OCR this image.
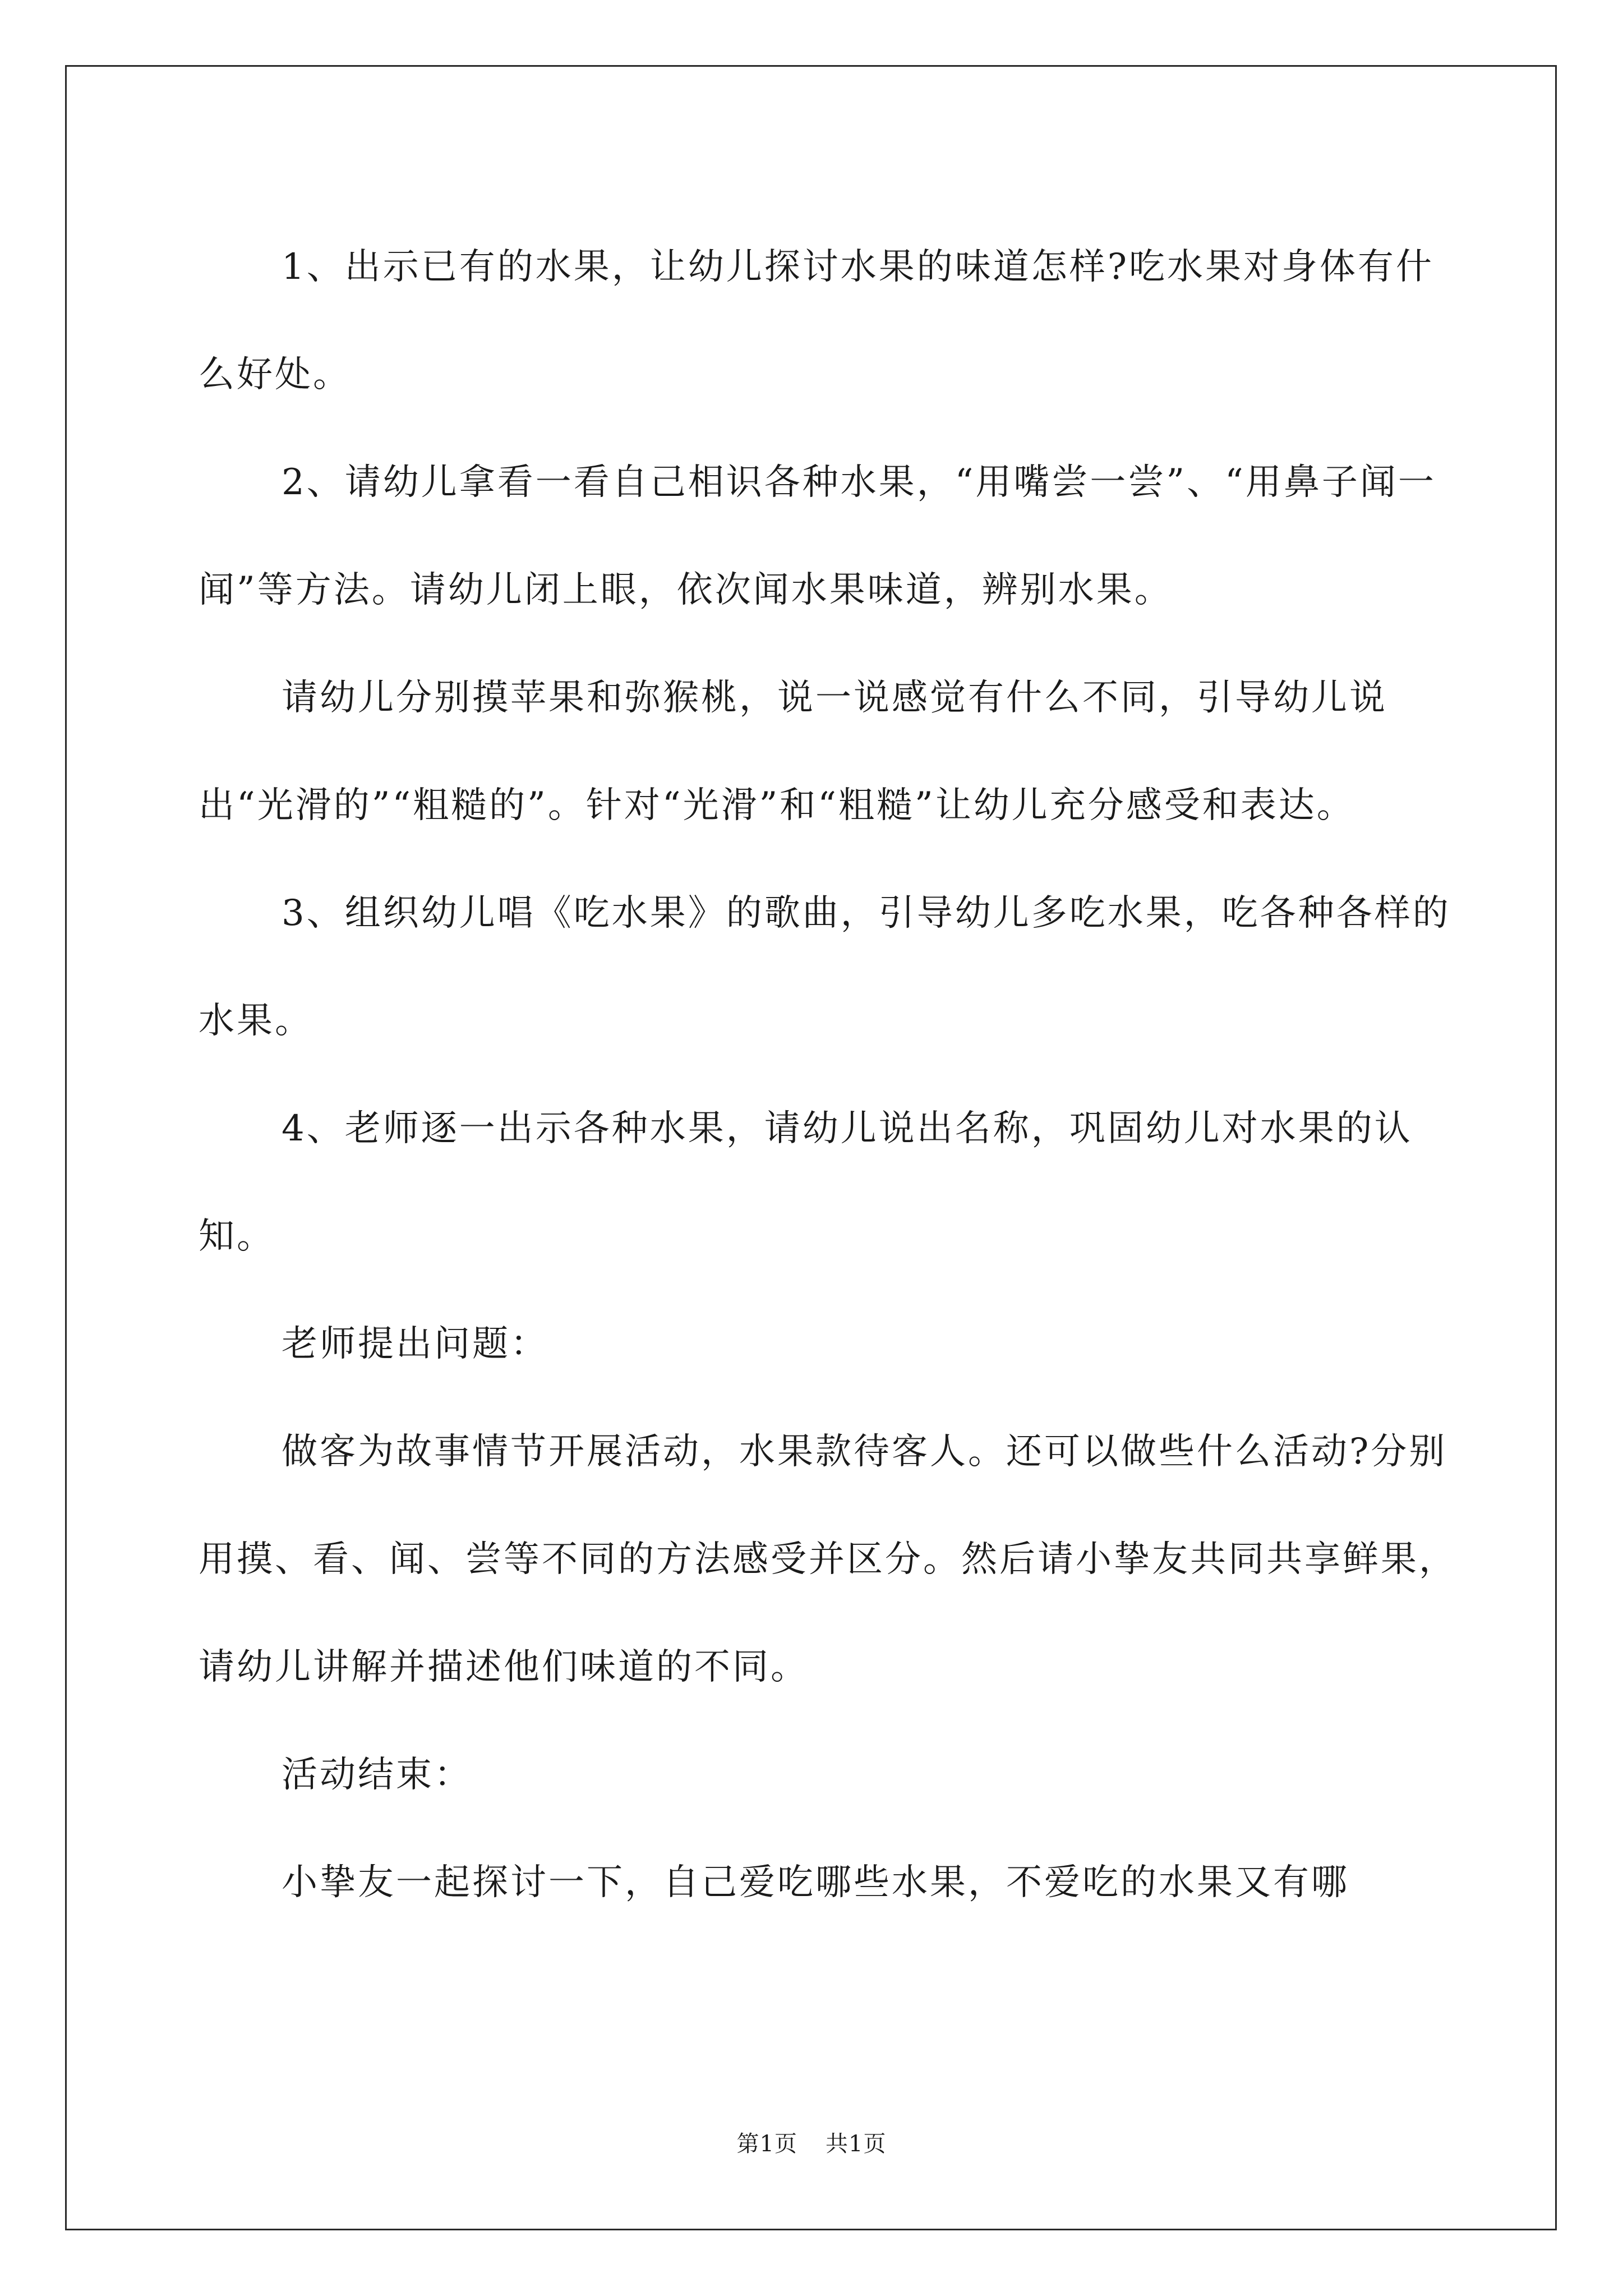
1、出示已有的水果，让幼儿探讨水果的味道怎样?吃水果对身体有什么好处。

2、请幼儿拿看一看自己相识各种水果，“用嘴尝一尝”、“用鼻子闻一闻”等方法。请幼儿闭上眼，依次闻水果味道，辨别水果。

请幼儿分别摸苹果和弥猴桃，说一说感觉有什么不同，引导幼儿说出“光滑的”“粗糙的”。针对“光滑”和“粗糙”让幼儿充分感受和表达。

3、组织幼儿唱《吃水果》的歌曲，引导幼儿多吃水果，吃各种各样的水果。

4、老师逐一出示各种水果，请幼儿说出名称，巩固幼儿对水果的认知。

老师提出问题：

做客为故事情节开展活动，水果款待客人。还可以做些什么活动?分别用摸、看、闻、尝等不同的方法感受并区分。然后请小挚友共同共享鲜果，请幼儿讲解并描述他们味道的不同。

活动结束：

小挚友一起探讨一下，自己爱吃哪些水果，不爱吃的水果又有哪

第1页 共1页
